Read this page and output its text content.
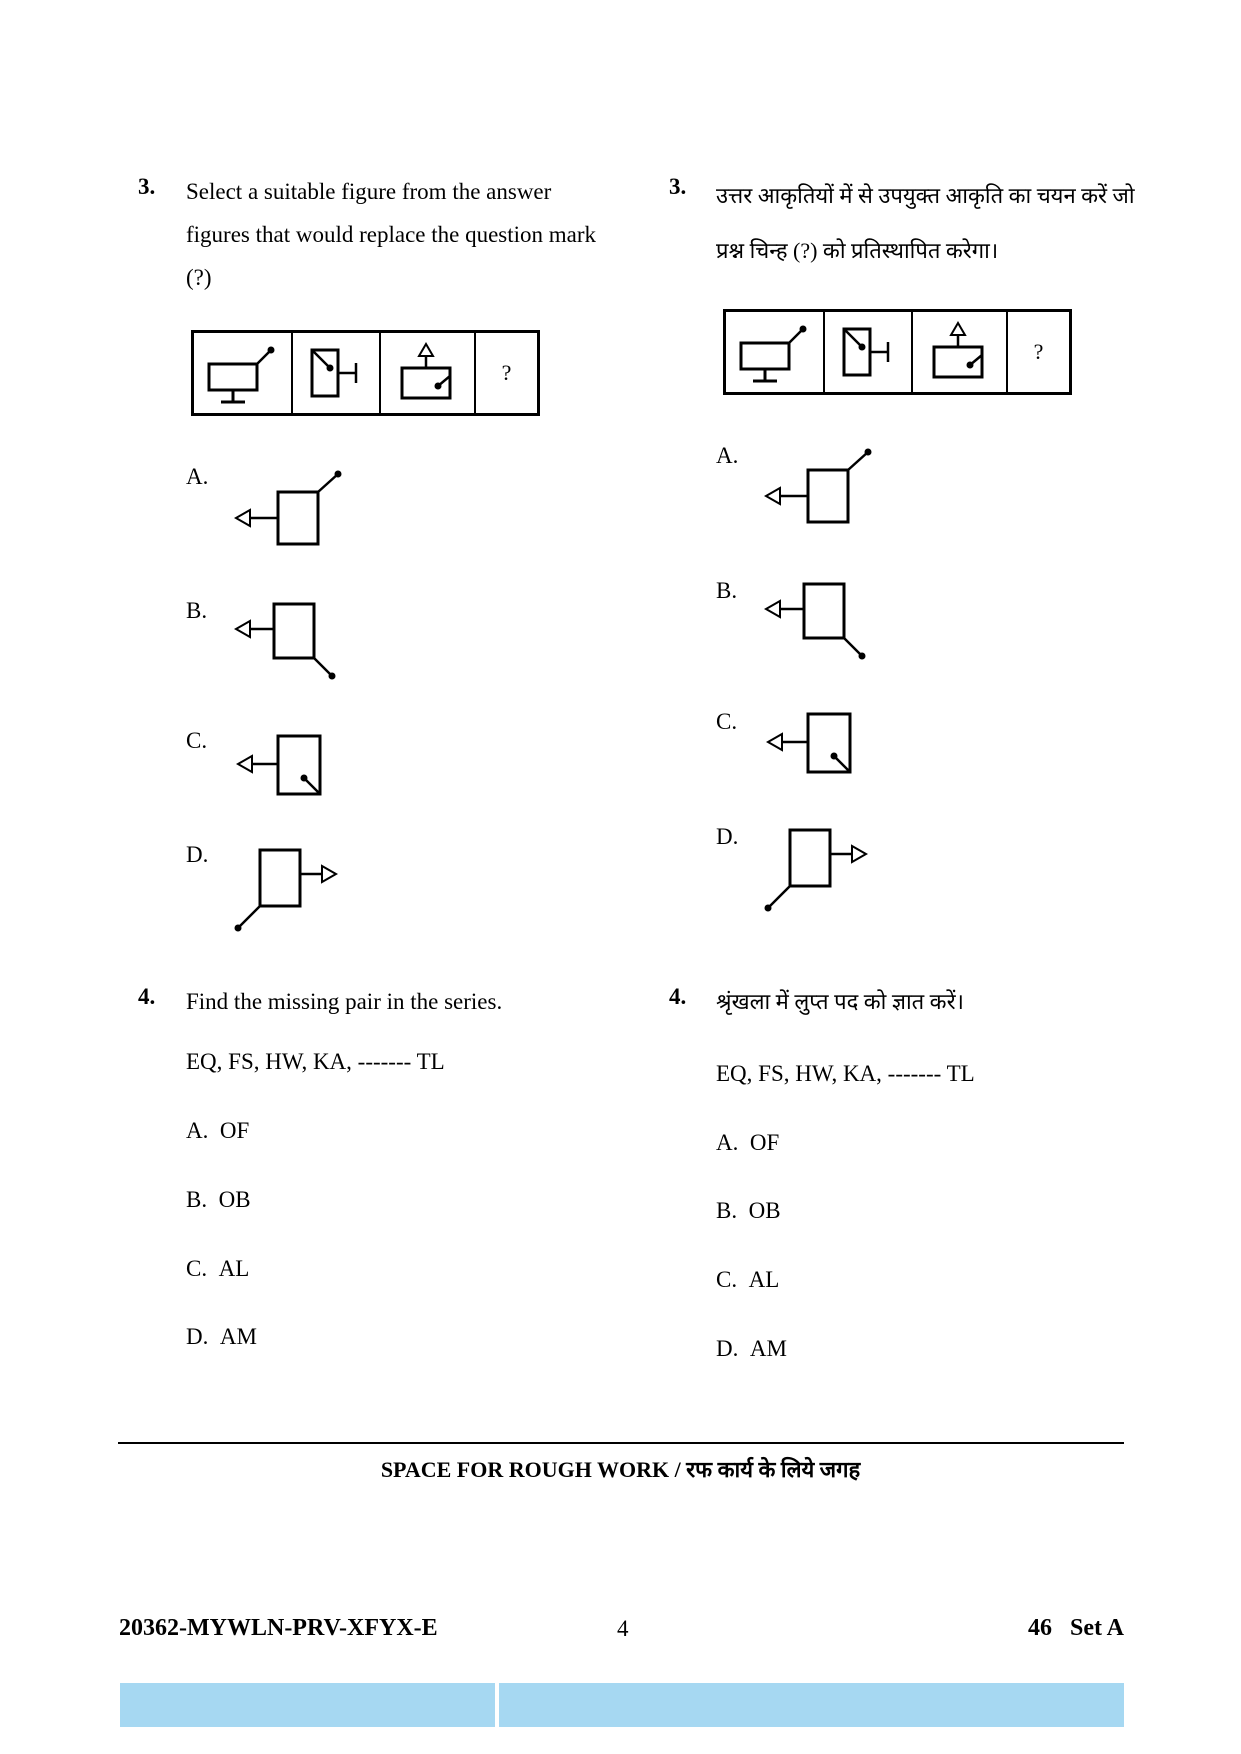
3. Select a suitable figure from the answer figures that would replace the question mark (?)
?
A.
B.
C.
D.
4. Find the missing pair in the series.
EQ, FS, HW, KA, ------- TL
A. OF
B. OB
C. AL
D. AM
3. उत्तर आकृतियों में से उपयुक्त आकृति का चयन करें जो प्रश्न चिन्ह (?) को प्रतिस्थापित करेगा।
?
A.
B.
C.
D.
4. श्रृंखला में लुप्त पद को ज्ञात करें।
EQ, FS, HW, KA, ------- TL
A. OF
B. OB
C. AL
D. AM
SPACE FOR ROUGH WORK / रफ कार्य के लिये जगह
20362-MYWLN-PRV-XFYX-E	4	46   Set A
